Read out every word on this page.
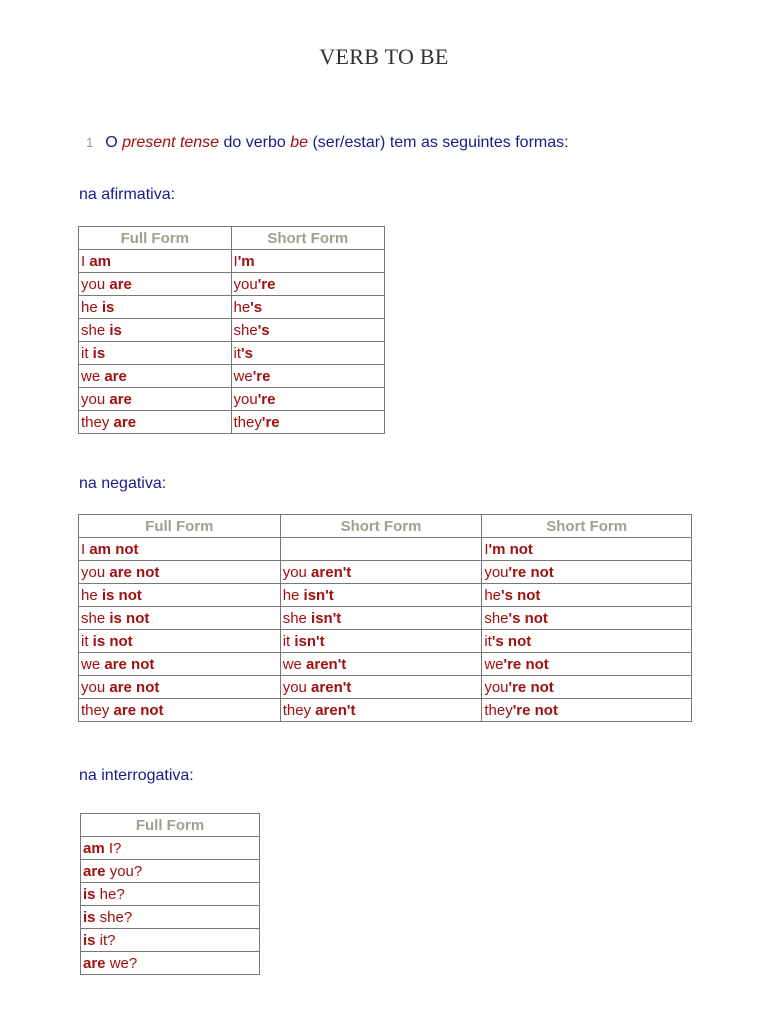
VERB TO BE
1 O present tense do verbo be (ser/estar) tem as seguintes formas:
na afirmativa:
Full Form	Short Form
I am	I'm
you are	you're
he is	he's
she is	she's
it is	it's
we are	we're
you are	you're
they are	they're
na negativa:
Full Form	Short Form	Short Form
I am not		I'm not
you are not	you aren't	you're not
he is not	he isn't	he's not
she is not	she isn't	she's not
it is not	it isn't	it's not
we are not	we aren't	we're not
you are not	you aren't	you're not
they are not	they aren't	they're not
na interrogativa:
Full Form
am I?
are you?
is he?
is she?
is it?
are we?
